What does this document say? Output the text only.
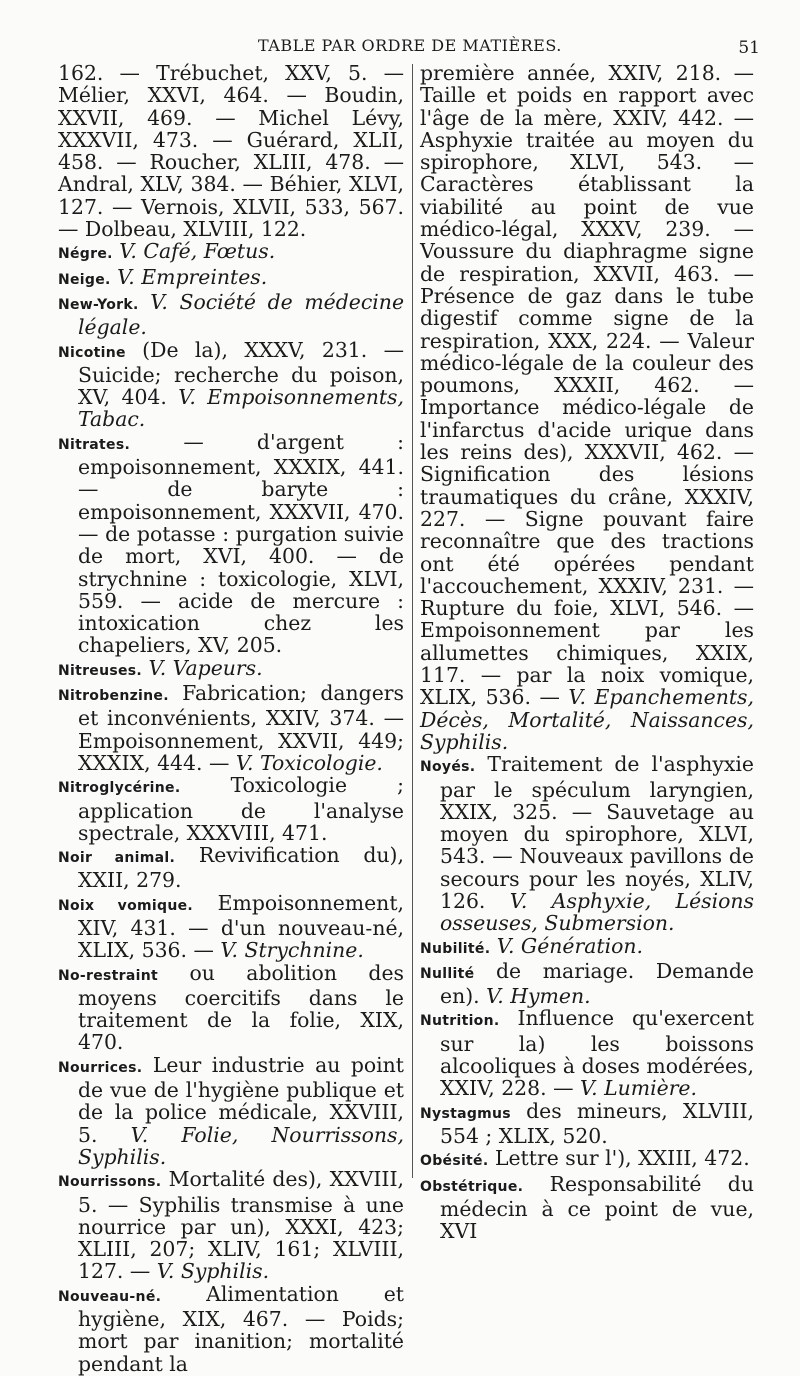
TABLE PAR ORDRE DE MATIÈRES.	51

162. — Trébuchet, XXV, 5. — Mélier, XXVI, 464. — Boudin, XXVII, 469. — Michel Lévy, XXXVII, 473. — Guérard, XLII, 458. — Roucher, XLIII, 478. — Andral, XLV, 384. — Béhier, XLVI, 127. — Vernois, XLVII, 533, 567. — Dolbeau, XLVIII, 122.

Négre. V. Café, Fœtus.

Neige. V. Empreintes.

New-York. V. Société de médecine légale.

Nicotine (De la), XXXV, 231. — Suicide; recherche du poison, XV, 404. V. Empoisonnements, Tabac.

Nitrates. — d'argent : empoisonnement, XXXIX, 441. — de baryte : empoisonnement, XXXVII, 470. — de potasse : purgation suivie de mort, XVI, 400. — de strychnine : toxicologie, XLVI, 559. — acide de mercure : intoxication chez les chapeliers, XV, 205.

Nitreuses. V. Vapeurs.

Nitrobenzine. Fabrication; dangers et inconvénients, XXIV, 374. — Empoisonnement, XXVII, 449; XXXIX, 444. — V. Toxicologie.

Nitroglycérine. Toxicologie ; application de l'analyse spectrale, XXXVIII, 471.

Noir animal. Revivification du), XXII, 279.

Noix vomique. Empoisonnement, XIV, 431. — d'un nouveau-né, XLIX, 536. — V. Strychnine.

No-restraint ou abolition des moyens coercitifs dans le traitement de la folie, XIX, 470.

Nourrices. Leur industrie au point de vue de l'hygiène publique et de la police médicale, XXVIII, 5. V. Folie, Nourrissons, Syphilis.

Nourrissons. Mortalité des), XXVIII, 5. — Syphilis transmise à une nourrice par un), XXXI, 423; XLIII, 207; XLIV, 161; XLVIII, 127. — V. Syphilis.

Nouveau-né. Alimentation et hygiène, XIX, 467. — Poids; mort par inanition; mortalité pendant la

première année, XXIV, 218. — Taille et poids en rapport avec l'âge de la mère, XXIV, 442. — Asphyxie traitée au moyen du spirophore, XLVI, 543. — Caractères établissant la viabilité au point de vue médico-légal, XXXV, 239. — Voussure du diaphragme signe de respiration, XXVII, 463. — Présence de gaz dans le tube digestif comme signe de la respiration, XXX, 224. — Valeur médico-légale de la couleur des poumons, XXXII, 462. — Importance médico-légale de l'infarctus d'acide urique dans les reins des), XXXVII, 462. — Signification des lésions traumatiques du crâne, XXXIV, 227. — Signe pouvant faire reconnaître que des tractions ont été opérées pendant l'accouchement, XXXIV, 231. — Rupture du foie, XLVI, 546. — Empoisonnement par les allumettes chimiques, XXIX, 117. — par la noix vomique, XLIX, 536. — V. Epanchements, Décès, Mortalité, Naissances, Syphilis.

Noyés. Traitement de l'asphyxie par le spéculum laryngien, XXIX, 325. — Sauvetage au moyen du spirophore, XLVI, 543. — Nouveaux pavillons de secours pour les noyés, XLIV, 126. V. Asphyxie, Lésions osseuses, Submersion.

Nubilité. V. Génération.

Nullité de mariage. Demande en). V. Hymen.

Nutrition. Influence qu'exercent sur la) les boissons alcooliques à doses modérées, XXIV, 228. — V. Lumière.

Nystagmus des mineurs, XLVIII, 554 ; XLIX, 520.

Obésité. Lettre sur l'), XXIII, 472.

Obstétrique. Responsabilité du médecin à ce point de vue, XVI
